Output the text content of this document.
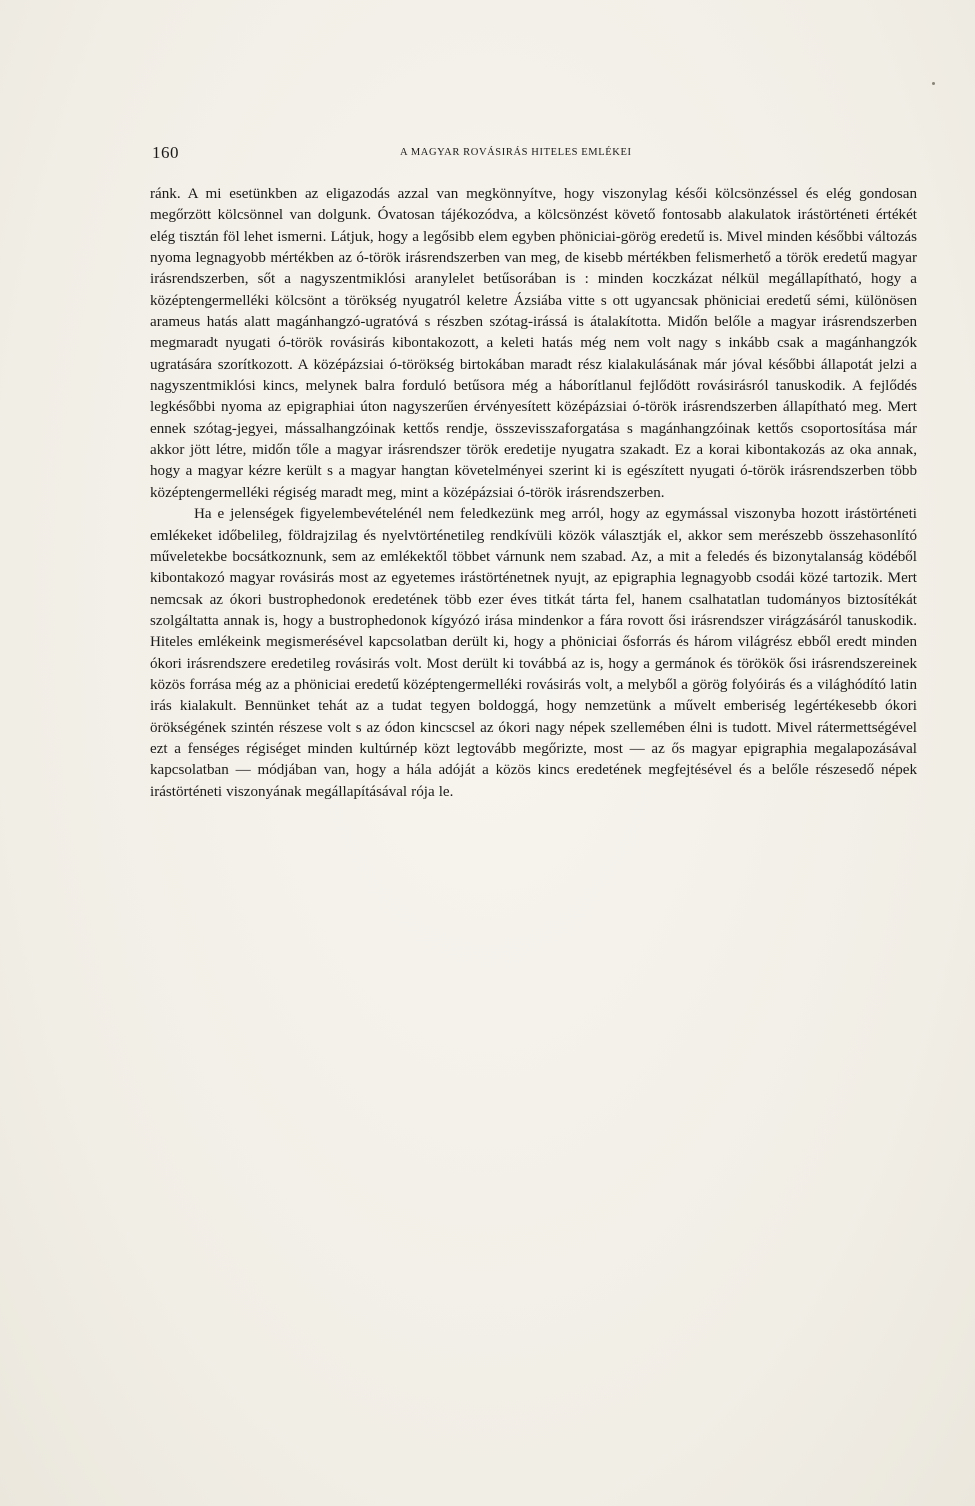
160	A MAGYAR ROVÁSIRÁS HITELES EMLÉKEI

ránk. A mi esetünkben az eligazodás azzal van megkönnyítve, hogy viszonylag késői kölcsönzéssel és elég gondosan megőrzött kölcsönnel van dolgunk. Óvatosan tájékozódva, a kölcsönzést követő fontosabb alakulatok irástörténeti értékét elég tisztán föl lehet ismerni. Látjuk, hogy a legősibb elem egyben phöniciai-görög eredetű is. Mivel minden későbbi változás nyoma legnagyobb mértékben az ó-török irásrendszerben van meg, de kisebb mértékben felismerhető a török eredetű magyar irásrendszerben, sőt a nagyszentmiklósi aranylelet betűsorában is : minden koczkázat nélkül megállapítható, hogy a középtengermelléki kölcsönt a törökség nyugatról keletre Ázsiába vitte s ott ugyancsak phöniciai eredetű sémi, különösen arameus hatás alatt magánhangzó-ugratóvá s részben szótag-irássá is átalakította. Midőn belőle a magyar irásrendszerben megmaradt nyugati ó-török rovásirás kibontakozott, a keleti hatás még nem volt nagy s inkább csak a magánhangzók ugratására szorítkozott. A középázsiai ó-törökség birtokában maradt rész kialakulásának már jóval későbbi állapotát jelzi a nagyszentmiklósi kincs, melynek balra forduló betűsora még a háborítlanul fejlődött rovásirásról tanuskodik. A fejlődés legkésőbbi nyoma az epigraphiai úton nagyszerűen érvényesített középázsiai ó-török irásrendszerben állapítható meg. Mert ennek szótag-jegyei, mássalhangzóinak kettős rendje, összevisszaforgatása s magánhangzóinak kettős csoportosítása már akkor jött létre, midőn tőle a magyar irásrendszer török eredetije nyugatra szakadt. Ez a korai kibontakozás az oka annak, hogy a magyar kézre került s a magyar hangtan követelményei szerint ki is egészített nyugati ó-török irásrendszerben több középtengermelléki régiség maradt meg, mint a középázsiai ó-török irásrendszerben.

Ha e jelenségek figyelembevételénél nem feledkezünk meg arról, hogy az egymással viszonyba hozott irástörténeti emlékeket időbelileg, földrajzilag és nyelvtörténetileg rendkívüli közök választják el, akkor sem merészebb összehasonlító műveletekbe bocsátkoznunk, sem az emlékektől többet várnunk nem szabad. Az, a mit a feledés és bizonytalanság ködéből kibontakozó magyar rovásirás most az egyetemes irástörténetnek nyujt, az epigraphia legnagyobb csodái közé tartozik. Mert nemcsak az ókori bustrophedonok eredetének több ezer éves titkát tárta fel, hanem csalhatatlan tudományos biztosítékát szolgáltatta annak is, hogy a bustrophedonok kígyózó irása mindenkor a fára rovott ősi irásrendszer virágzásáról tanuskodik. Hiteles emlékeink megismerésével kapcsolatban derült ki, hogy a phöniciai ősforrás és három világrész ebből eredt minden ókori irásrendszere eredetileg rovásirás volt. Most derült ki továbbá az is, hogy a germánok és törökök ősi irásrendszereinek közös forrása még az a phöniciai eredetű középtengermelléki rovásirás volt, a melyből a görög folyóirás és a világhódító latin irás kialakult. Bennünket tehát az a tudat tegyen boldoggá, hogy nemzetünk a művelt emberiség legértékesebb ókori örökségének szintén részese volt s az ódon kincscsel az ókori nagy népek szellemében élni is tudott. Mivel rátermettségével ezt a fenséges régiséget minden kultúrnép közt legtovább megőrizte, most — az ős magyar epigraphia megalapozásával kapcsolatban — módjában van, hogy a hála adóját a közös kincs eredetének megfejtésével és a belőle részesedő népek irástörténeti viszonyának megállapításával rója le.
